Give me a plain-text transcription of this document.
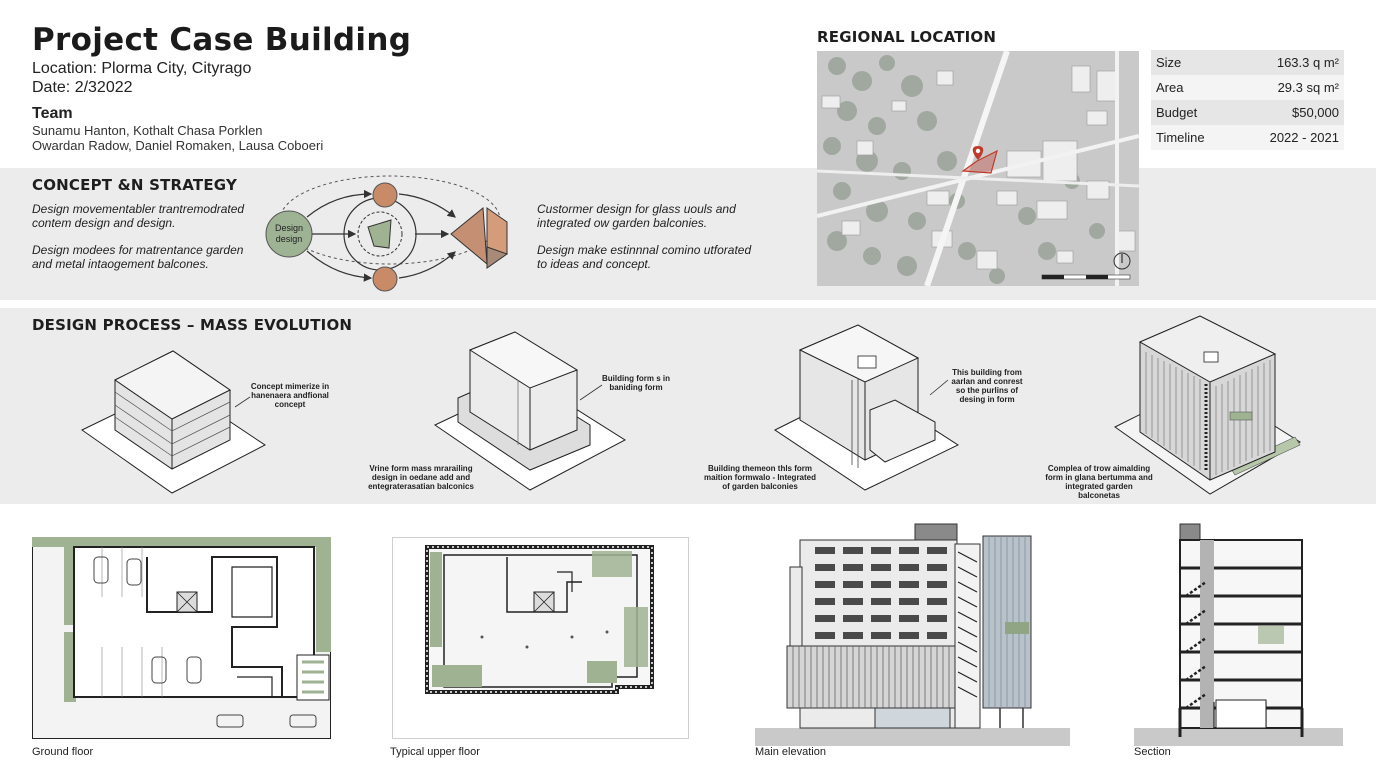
Project Case Building
Location: Plorma City, Cityrago
Date: 2/32022
Team
Sunamu Hanton, Kothalt Chasa Porklen
Owardan Radow, Daniel Romaken, Lausa Coboeri
CONCEPT &N STRATEGY
Design movementabler trantremodrated contem design and design.
Design modees for matrentance garden and metal intaogement balcones.
Custormer design for glass uouls and integrated ow garden balconies.
Design make estinnnal comino utforated to ideas and concept.
Design
design
REGIONAL LOCATION
Size	163.3 q m²
Area	29.3 sq m²
Budget	$50,000
Timeline	2022 - 2021
DESIGN PROCESS – MASS EVOLUTION
Concept mimerize in hanenaera andfional concept
Building form s in baniding form
This building from aarlan and conrest so the purlins of desing in form
Complea of trow aimalding form in glana bertumma and integrated garden balconetas
Vrine form mass mrarailing design in oedane add and entegraterasatian balconics
Building themeon thls form maition formwalo - Integrated of garden balconies
Ground floor	Typical upper floor	Main elevation	Section
